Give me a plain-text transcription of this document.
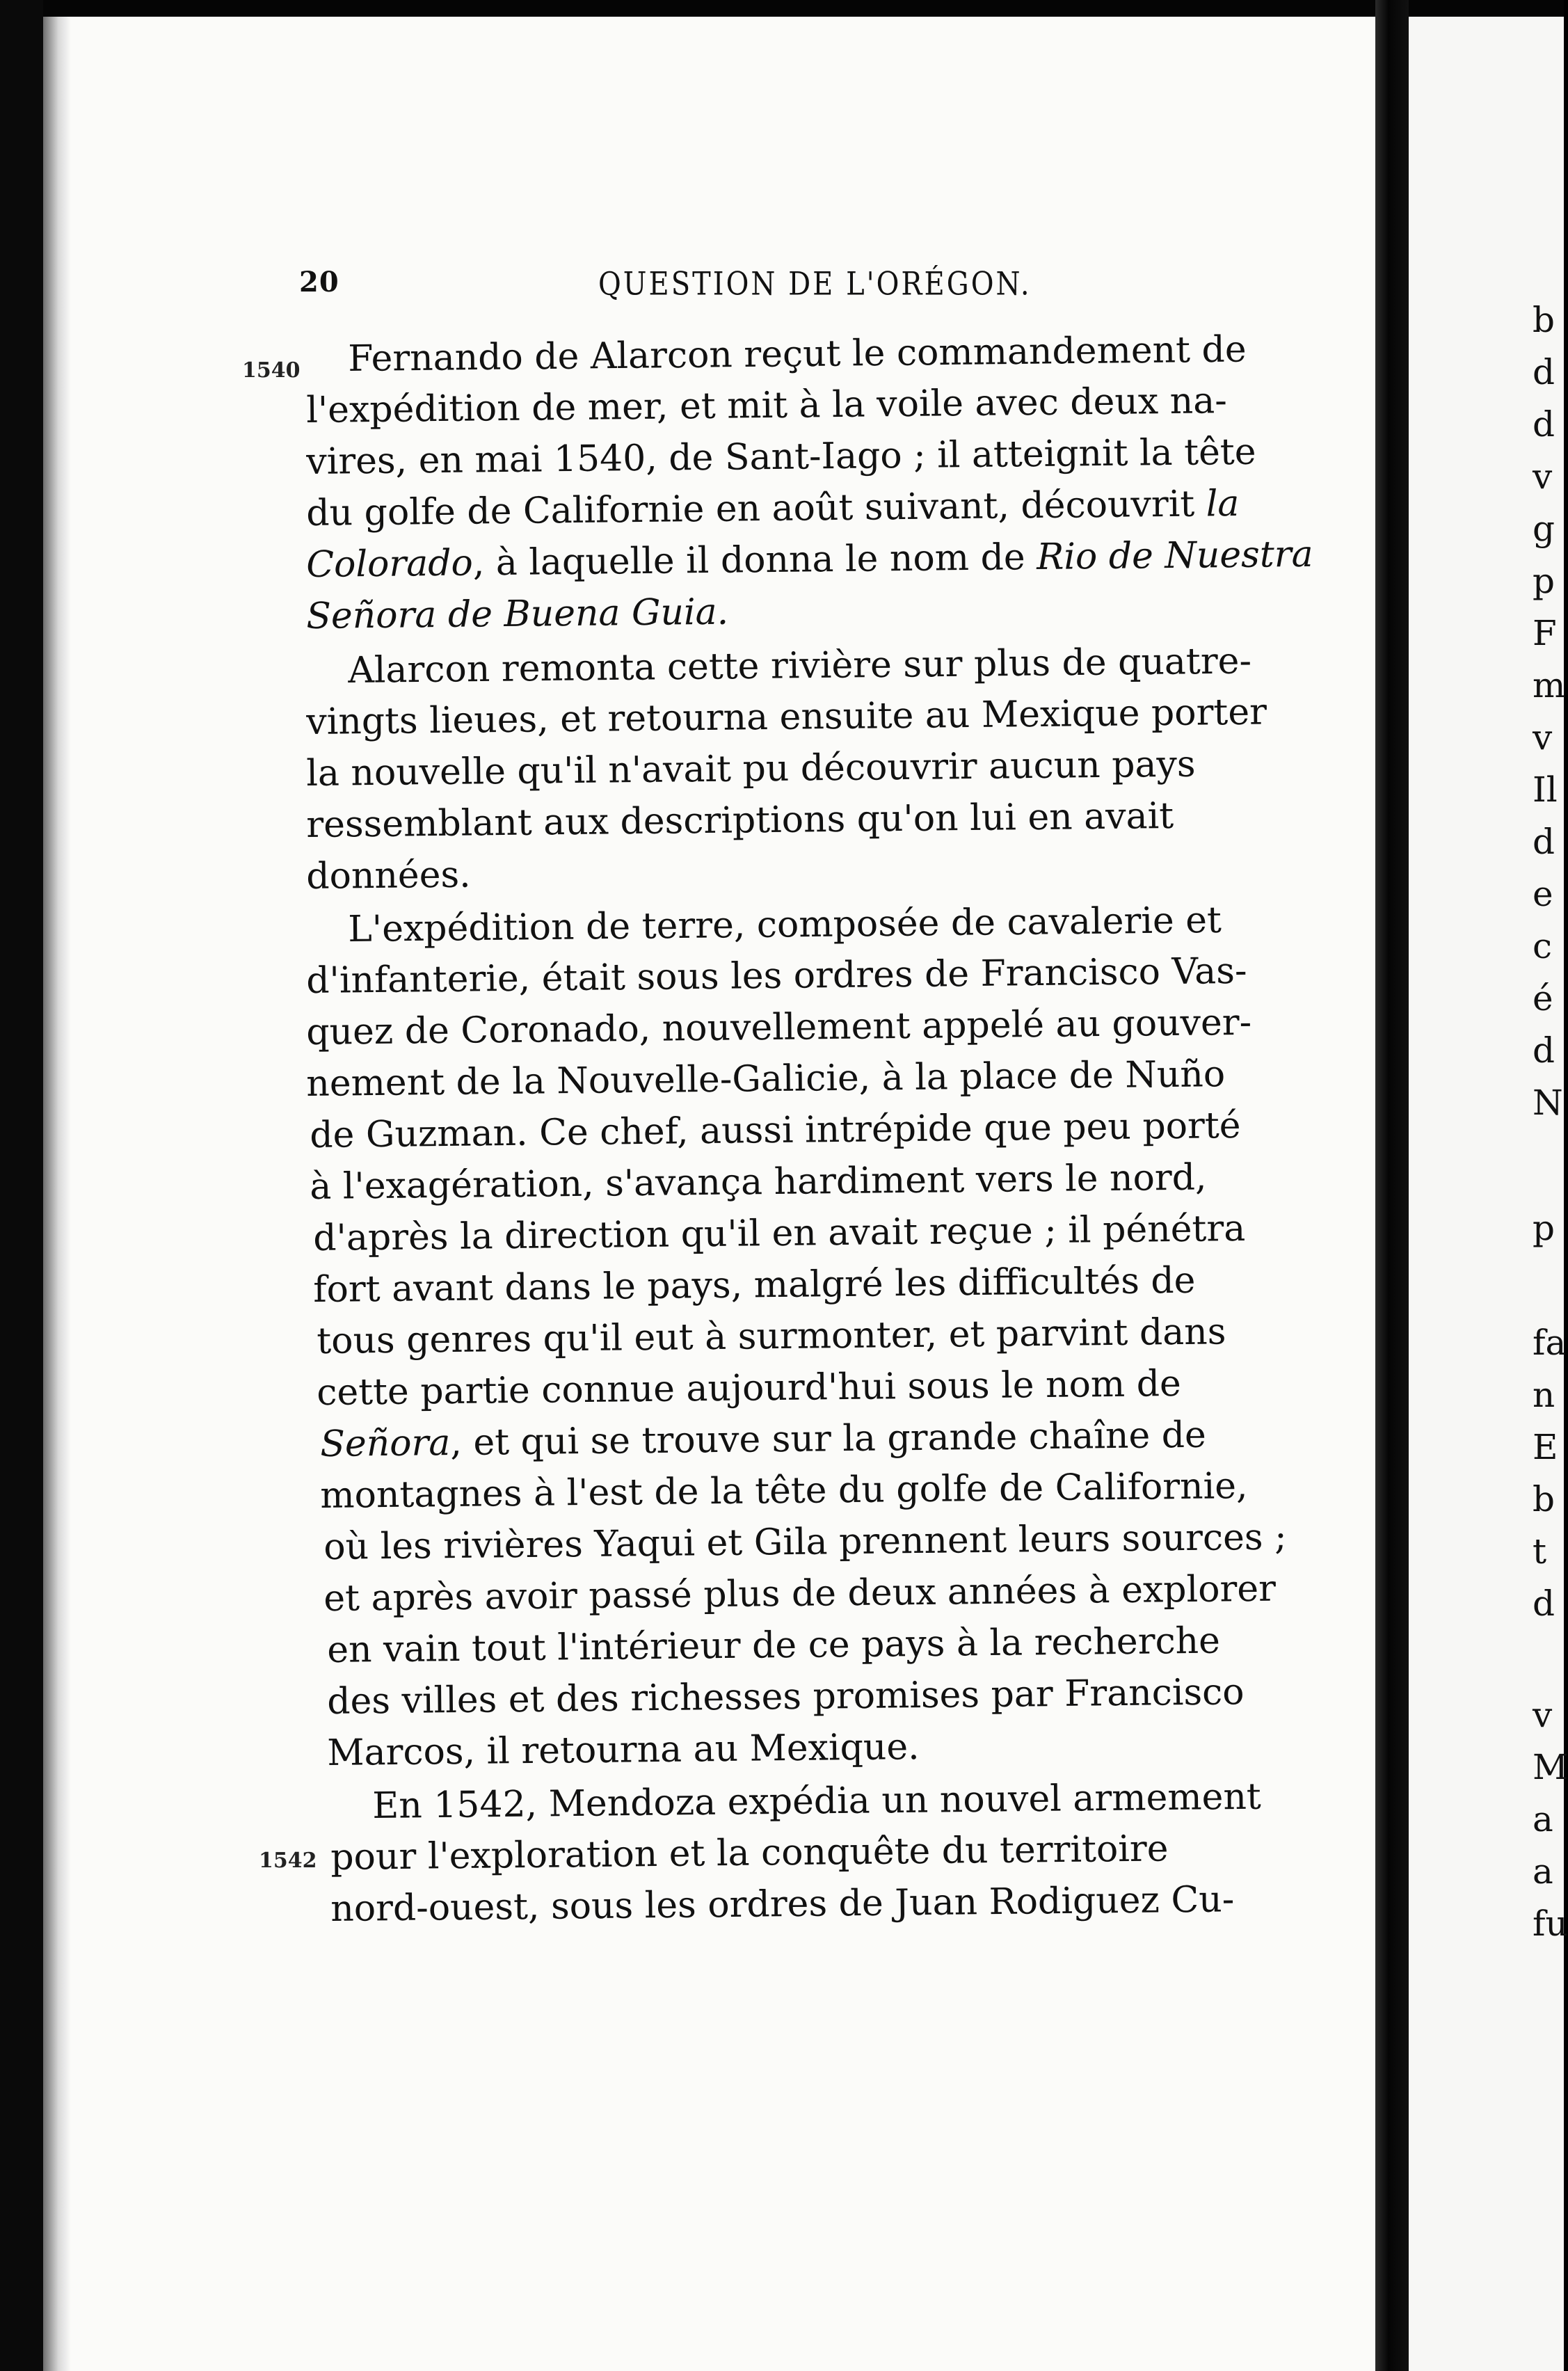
20	QUESTION DE L'ORÉGON.
1540
1542
Fernando de Alarcon reçut le commandement de
l'expédition de mer, et mit à la voile avec deux na-
vires, en mai 1540, de Sant-Iago ; il atteignit la tête
du golfe de Californie en août suivant, découvrit la
Colorado, à laquelle il donna le nom de Rio de Nuestra
Señora de Buena Guia.
Alarcon remonta cette rivière sur plus de quatre-
vingts lieues, et retourna ensuite au Mexique porter
la nouvelle qu'il n'avait pu découvrir aucun pays
ressemblant aux descriptions qu'on lui en avait
données.
L'expédition de terre, composée de cavalerie et
d'infanterie, était sous les ordres de Francisco Vas-
quez de Coronado, nouvellement appelé au gouver-
nement de la Nouvelle-Galicie, à la place de Nuño
de Guzman. Ce chef, aussi intrépide que peu porté
à l'exagération, s'avança hardiment vers le nord,
d'après la direction qu'il en avait reçue ; il pénétra
fort avant dans le pays, malgré les difficultés de
tous genres qu'il eut à surmonter, et parvint dans
cette partie connue aujourd'hui sous le nom de
Señora, et qui se trouve sur la grande chaîne de
montagnes à l'est de la tête du golfe de Californie,
où les rivières Yaqui et Gila prennent leurs sources ;
et après avoir passé plus de deux années à explorer
en vain tout l'intérieur de ce pays à la recherche
des villes et des richesses promises par Francisco
Marcos, il retourna au Mexique.
En 1542, Mendoza expédia un nouvel armement
pour l'exploration et la conquête du territoire
nord-ouest, sous les ordres de Juan Rodiguez Cu-
b
d
d
v
g
p
F
m
v
Il
d
e
c
é
d
N
p
fa
n
E
b
t
d
v
M
a
a
fu
